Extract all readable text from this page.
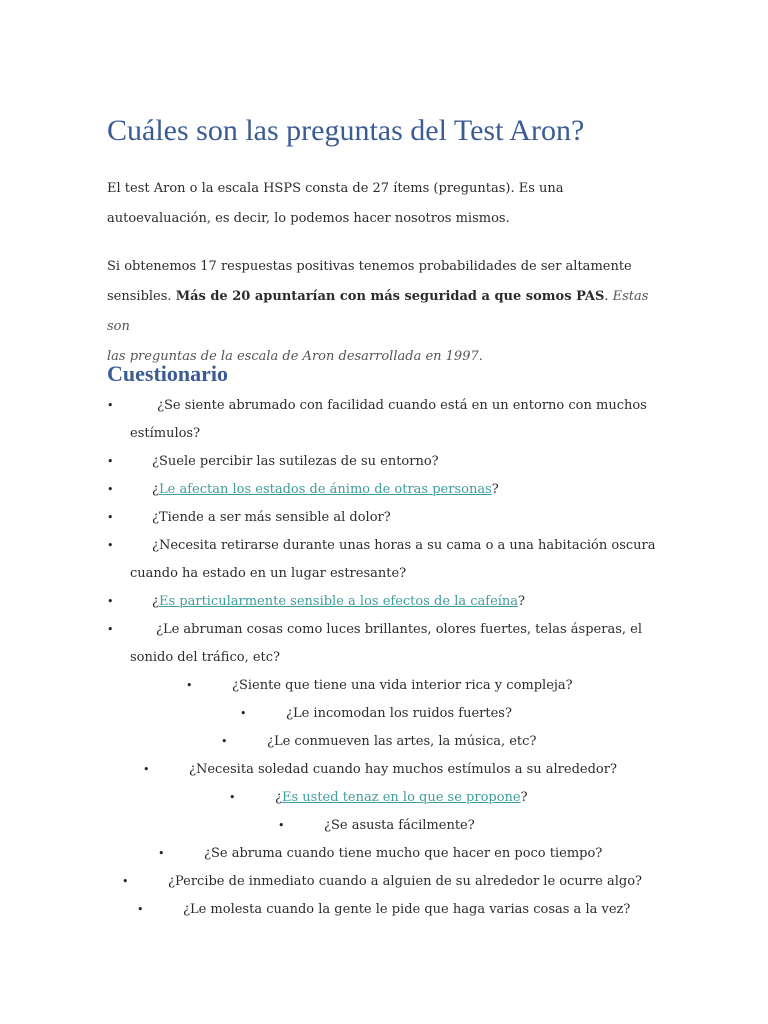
Cuáles son las preguntas del Test Aron?

El test Aron o la escala HSPS consta de 27 ítems (preguntas). Es una
autoevaluación, es decir, lo podemos hacer nosotros mismos.

Si obtenemos 17 respuestas positivas tenemos probabilidades de ser altamente
sensibles. Más de 20 apuntarían con más seguridad a que somos PAS. Estas son
las preguntas de la escala de Aron desarrollada en 1997.

Cuestionario
•	¿Se siente abrumado con facilidad cuando está en un entorno con muchos
estímulos?
•	¿Suele percibir las sutilezas de su entorno?
•	¿Le afectan los estados de ánimo de otras personas?
•	¿Tiende a ser más sensible al dolor?
•	¿Necesita retirarse durante unas horas a su cama o a una habitación oscura
cuando ha estado en un lugar estresante?
•	¿Es particularmente sensible a los efectos de la cafeína?
•	¿Le abruman cosas como luces brillantes, olores fuertes, telas ásperas, el
sonido del tráfico, etc?
•	¿Siente que tiene una vida interior rica y compleja?
•	¿Le incomodan los ruidos fuertes?
•	¿Le conmueven las artes, la música, etc?
•	¿Necesita soledad cuando hay muchos estímulos a su alrededor?
•	¿Es usted tenaz en lo que se propone?
•	¿Se asusta fácilmente?
•	¿Se abruma cuando tiene mucho que hacer en poco tiempo?
•	¿Percibe de inmediato cuando a alguien de su alrededor le ocurre algo?
•	¿Le molesta cuando la gente le pide que haga varias cosas a la vez?
